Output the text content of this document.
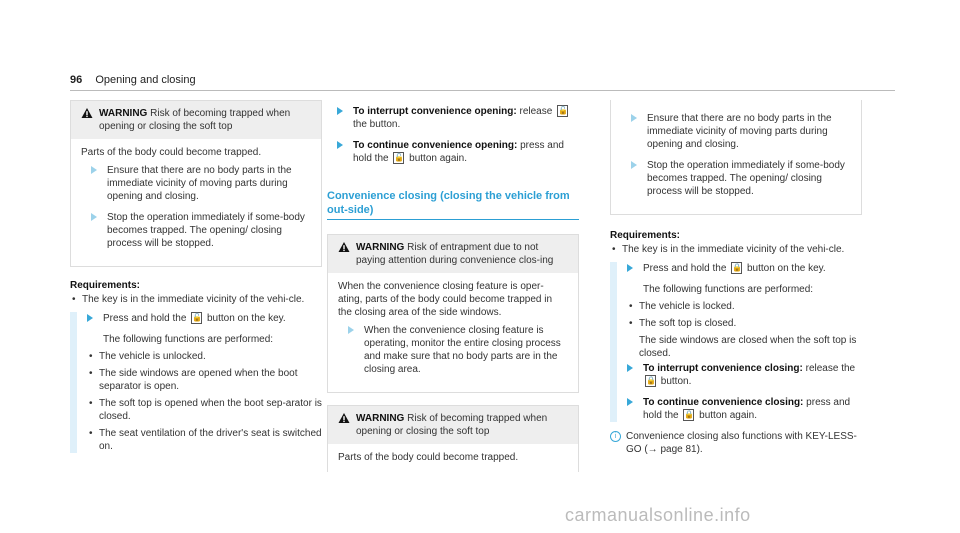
96 Opening and closing
WARNING Risk of becoming trapped when opening or closing the soft top
Parts of the body could become trapped.
Ensure that there are no body parts in the immediate vicinity of moving parts during opening and closing.
Stop the operation immediately if some-body becomes trapped. The opening/ closing process will be stopped.
Requirements:
• The key is in the immediate vicinity of the vehi-cle.
Press and hold the 🔓 button on the key.
The following functions are performed:
• The vehicle is unlocked.
• The side windows are opened when the boot separator is open.
• The soft top is opened when the boot sep-arator is closed.
• The seat ventilation of the driver's seat is switched on.
To interrupt convenience opening: release 🔓 the button.
To continue convenience opening: press and hold the 🔓 button again.
Convenience closing (closing the vehicle from out-side)
WARNING Risk of entrapment due to not paying attention during convenience clos-ing
When the convenience closing feature is oper-ating, parts of the body could become trapped in the closing area of the side windows.
When the convenience closing feature is operating, monitor the entire closing process and make sure that no body parts are in the closing area.
WARNING Risk of becoming trapped when opening or closing the soft top
Parts of the body could become trapped.
Ensure that there are no body parts in the immediate vicinity of moving parts during opening and closing.
Stop the operation immediately if some-body becomes trapped. The opening/ closing process will be stopped.
Requirements:
• The key is in the immediate vicinity of the vehi-cle.
Press and hold the 🔒 button on the key.
The following functions are performed:
• The vehicle is locked.
• The soft top is closed.
The side windows are closed when the soft top is closed.
To interrupt convenience closing: release the 🔒 button.
To continue convenience closing: press and hold the 🔒 button again.
i Convenience closing also functions with KEY-LESS-GO (→ page 81).
carmanualsonline.info
